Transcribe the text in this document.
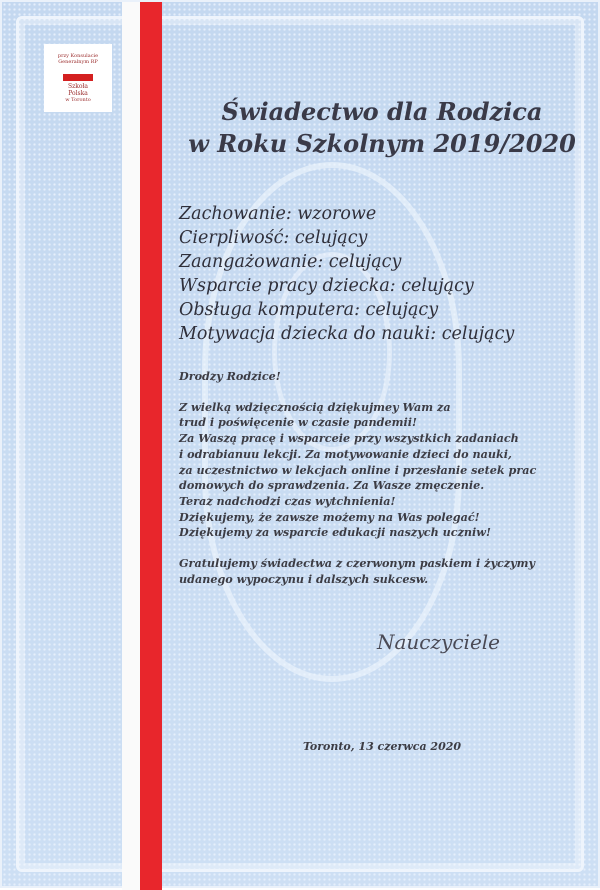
przy Konsulacie Generalnym RP
Szkoła
Polska
w Toronto	Świadectwo dla Rodzica
w Roku Szkolnym 2019/2020
Zachowanie: wzorowe
Cierpliwość: celujący
Zaangażowanie: celujący
Wsparcie pracy dziecka: celujący
Obsługa komputera: celujący
Motywacja dziecka do nauki: celujący

Drodzy Rodzice!

Z wielką wdzięcznością dziękujmey Wam za

trud i poświęcenie w czasie pandemii!

Za Waszą pracę i wsparceie przy wszystkich zadaniach

i odrabianuu lekcji. Za motywowanie dzieci do nauki,

za uczestnictwo w lekcjach online i przesłanie setek prac

domowych do sprawdzenia. Za Wasze zmęczenie.

Teraz nadchodzi czas wytchnienia!

Dziękujemy, że zawsze możemy na Was polegać!

Dziękujemy za wsparcie edukacji naszych uczniw!

Gratulujemy świadectwa z czerwonym paskiem i życzymy

udanego wypoczynu i dalszych sukcesw.

Nauczyciele
Toronto, 13 czerwca 2020
